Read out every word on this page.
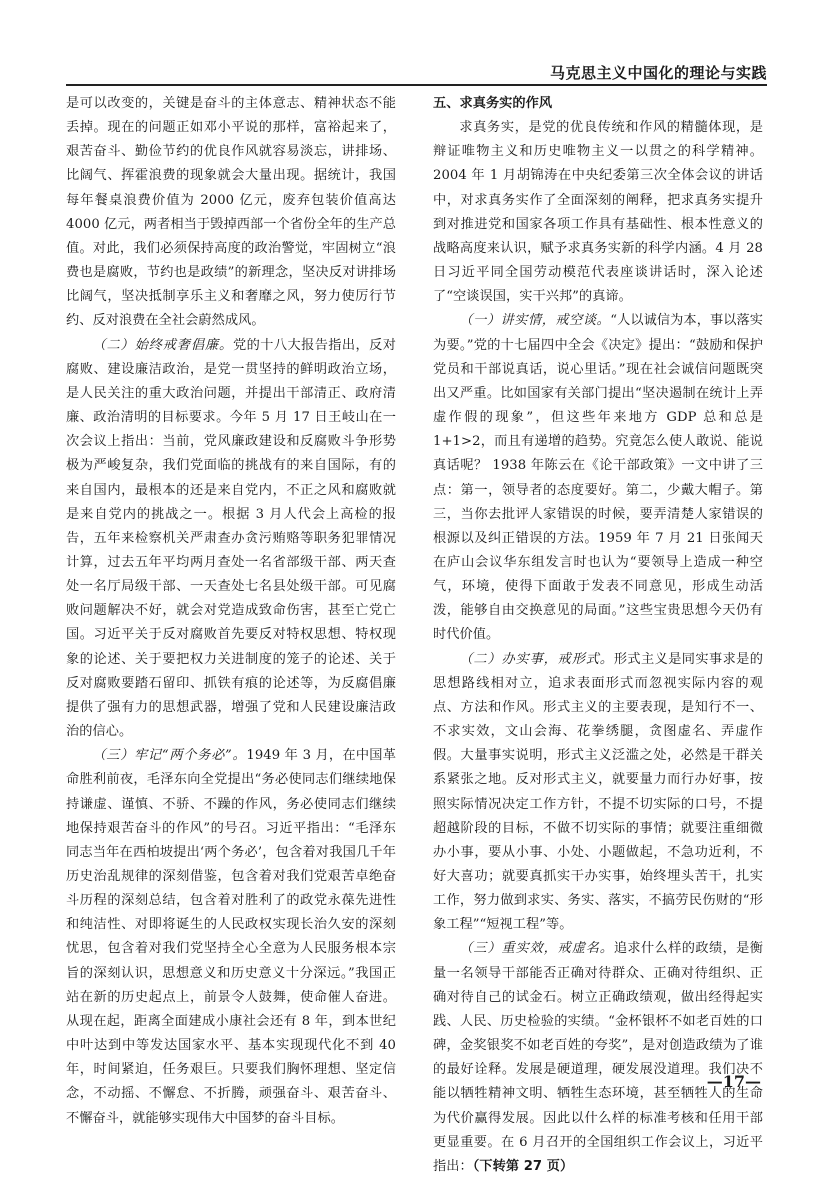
马克思主义中国化的理论与实践

是可以改变的，关键是奋斗的主体意志、精神状态不能丢掉。现在的问题正如邓小平说的那样，富裕起来了，艰苦奋斗、勤俭节约的优良作风就容易淡忘，讲排场、比阔气、挥霍浪费的现象就会大量出现。据统计，我国每年餐桌浪费价值为 2000 亿元，废弃包装价值高达 4000 亿元，两者相当于毁掉西部一个省份全年的生产总值。对此，我们必须保持高度的政治警觉，牢固树立“浪费也是腐败，节约也是政绩”的新理念，坚决反对讲排场比阔气，坚决抵制享乐主义和奢靡之风，努力使厉行节约、反对浪费在全社会蔚然成风。

（二）始终戒奢倡廉。党的十八大报告指出，反对腐败、建设廉洁政治，是党一贯坚持的鲜明政治立场，是人民关注的重大政治问题，并提出干部清正、政府清廉、政治清明的目标要求。今年 5 月 17 日王岐山在一次会议上指出：当前，党风廉政建设和反腐败斗争形势极为严峻复杂，我们党面临的挑战有的来自国际，有的来自国内，最根本的还是来自党内，不正之风和腐败就是来自党内的挑战之一。根据 3 月人代会上高检的报告，五年来检察机关严肃查办贪污贿赂等职务犯罪情况计算，过去五年平均两月查处一名省部级干部、两天查处一名厅局级干部、一天查处七名县处级干部。可见腐败问题解决不好，就会对党造成致命伤害，甚至亡党亡国。习近平关于反对腐败首先要反对特权思想、特权现象的论述、关于要把权力关进制度的笼子的论述、关于反对腐败要踏石留印、抓铁有痕的论述等，为反腐倡廉提供了强有力的思想武器，增强了党和人民建设廉洁政治的信心。

（三）牢记“两个务必”。1949 年 3 月，在中国革命胜利前夜，毛泽东向全党提出“务必使同志们继续地保持谦虚、谨慎、不骄、不躁的作风，务必使同志们继续地保持艰苦奋斗的作风”的号召。习近平指出：“毛泽东同志当年在西柏坡提出‘两个务必’，包含着对我国几千年历史治乱规律的深刻借鉴，包含着对我们党艰苦卓绝奋斗历程的深刻总结，包含着对胜利了的政党永葆先进性和纯洁性、对即将诞生的人民政权实现长治久安的深刻忧思，包含着对我们党坚持全心全意为人民服务根本宗旨的深刻认识，思想意义和历史意义十分深远。”我国正站在新的历史起点上，前景令人鼓舞，使命催人奋进。从现在起，距离全面建成小康社会还有 8 年，到本世纪中叶达到中等发达国家水平、基本实现现代化不到 40 年，时间紧迫，任务艰巨。只要我们胸怀理想、坚定信念，不动摇、不懈怠、不折腾，顽强奋斗、艰苦奋斗、不懈奋斗，就能够实现伟大中国梦的奋斗目标。

五、求真务实的作风

求真务实，是党的优良传统和作风的精髓体现，是辩证唯物主义和历史唯物主义一以贯之的科学精神。2004 年 1 月胡锦涛在中央纪委第三次全体会议的讲话中，对求真务实作了全面深刻的阐释，把求真务实提升到对推进党和国家各项工作具有基础性、根本性意义的战略高度来认识，赋予求真务实新的科学内涵。4 月 28 日习近平同全国劳动模范代表座谈讲话时，深入论述了“空谈误国，实干兴邦”的真谛。

（一）讲实情，戒空谈。“人以诚信为本，事以落实为要。”党的十七届四中全会《决定》提出：“鼓励和保护党员和干部说真话，说心里话。”现在社会诚信问题既突出又严重。比如国家有关部门提出“坚决遏制在统计上弄虚作假的现象”，但这些年来地方 GDP 总和总是 1+1>2，而且有递增的趋势。究竟怎么使人敢说、能说真话呢？ 1938 年陈云在《论干部政策》一文中讲了三点：第一，领导者的态度要好。第二，少戴大帽子。第三，当你去批评人家错误的时候，要弄清楚人家错误的根源以及纠正错误的方法。1959 年 7 月 21 日张闻天在庐山会议华东组发言时也认为“要领导上造成一种空气，环境，使得下面敢于发表不同意见，形成生动活泼，能够自由交换意见的局面。”这些宝贵思想今天仍有时代价值。

（二）办实事，戒形式。形式主义是同实事求是的思想路线相对立，追求表面形式而忽视实际内容的观点、方法和作风。形式主义的主要表现，是知行不一、不求实效，文山会海、花拳绣腿，贪图虚名、弄虚作假。大量事实说明，形式主义泛滥之处，必然是干群关系紧张之地。反对形式主义，就要量力而行办好事，按照实际情况决定工作方针，不提不切实际的口号，不提超越阶段的目标，不做不切实际的事情；就要注重细微办小事，要从小事、小处、小题做起，不急功近利，不好大喜功；就要真抓实干办实事，始终埋头苦干，扎实工作，努力做到求实、务实、落实，不搞劳民伤财的“形象工程”“短视工程”等。

（三）重实效，戒虚名。追求什么样的政绩，是衡量一名领导干部能否正确对待群众、正确对待组织、正确对待自己的试金石。树立正确政绩观，做出经得起实践、人民、历史检验的实绩。“金杯银杯不如老百姓的口碑，金奖银奖不如老百姓的夸奖”，是对创造政绩为了谁的最好诠释。发展是硬道理，硬发展没道理。我们决不能以牺牲精神文明、牺牲生态环境，甚至牺牲人的生命为代价赢得发展。因此以什么样的标准考核和任用干部更显重要。在 6 月召开的全国组织工作会议上，习近平指出：（下转第 27 页）

—17—
